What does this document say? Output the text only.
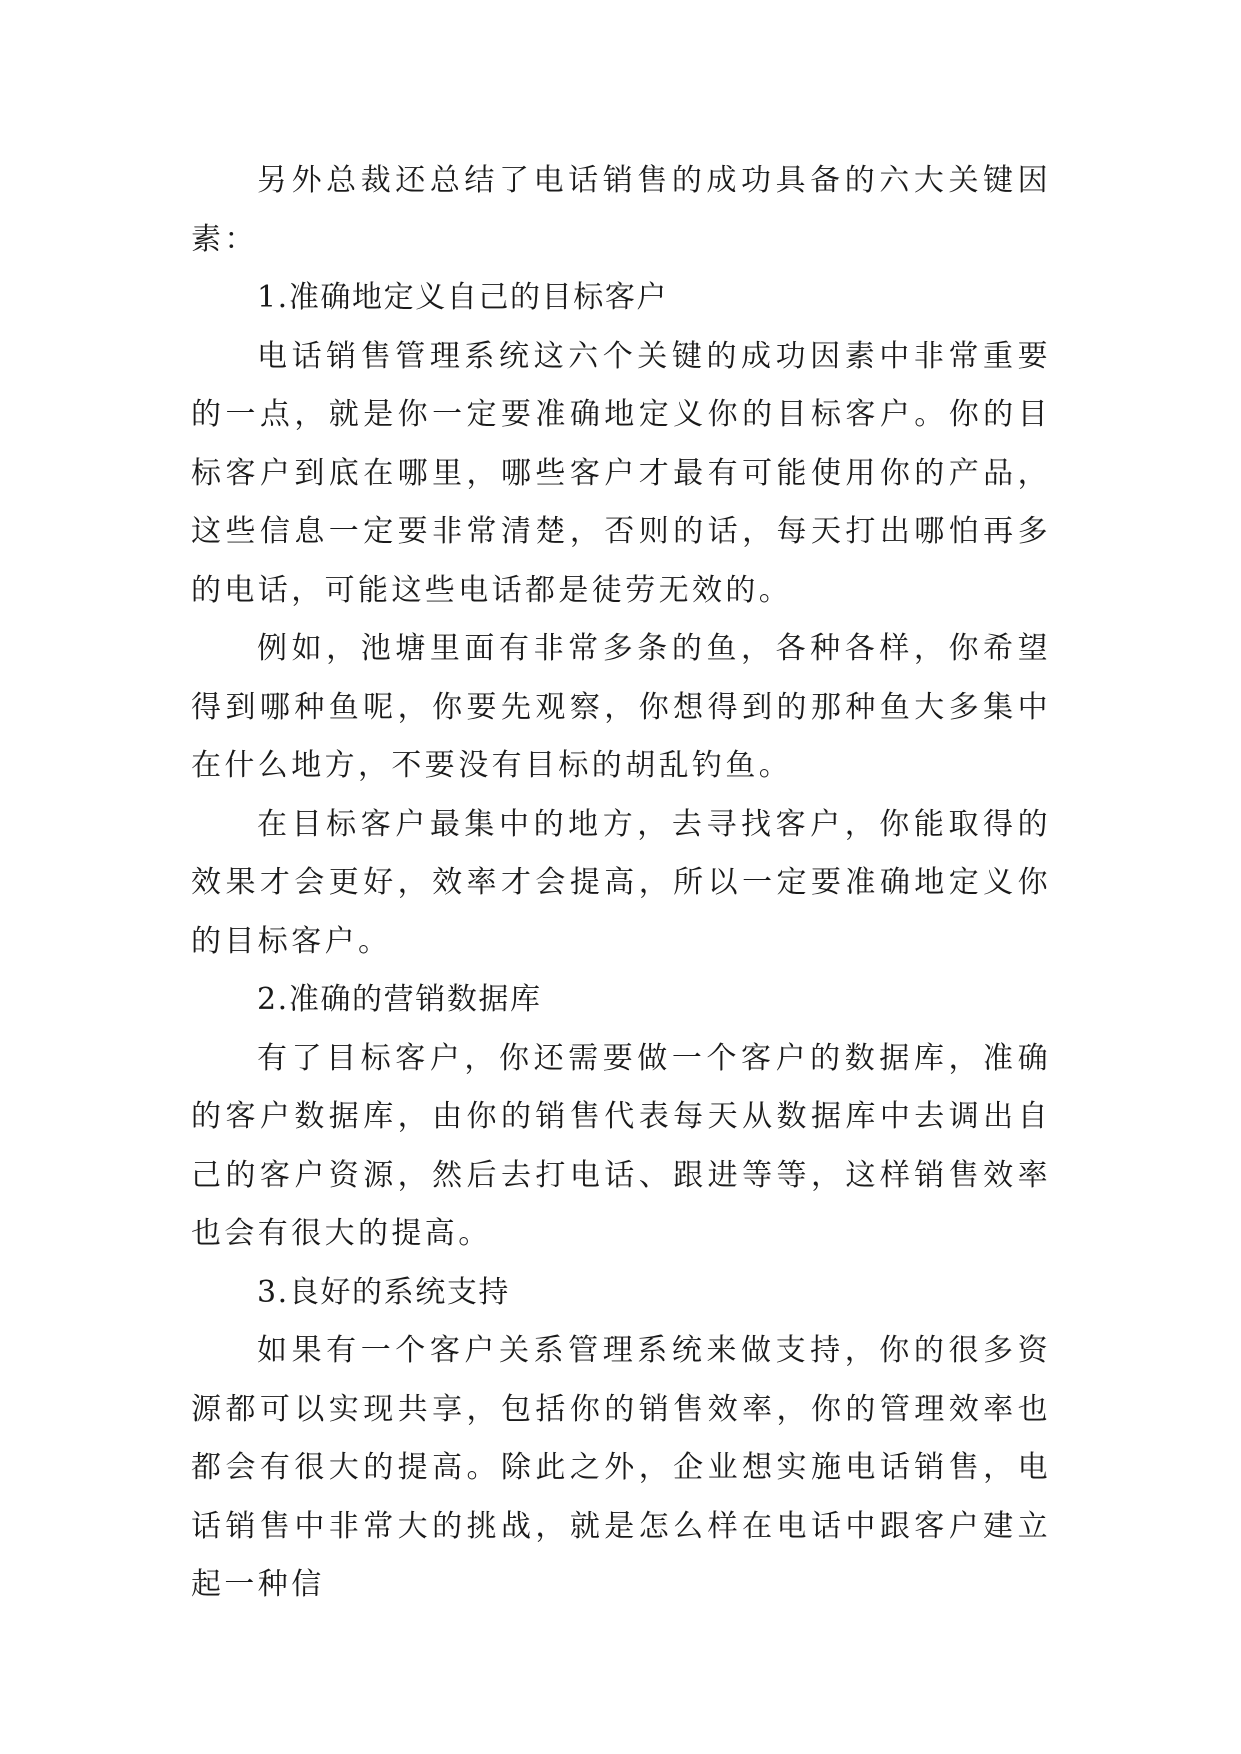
另外总裁还总结了电话销售的成功具备的六大关键因素：

1.准确地定义自己的目标客户

电话销售管理系统这六个关键的成功因素中非常重要的一点，就是你一定要准确地定义你的目标客户。你的目标客户到底在哪里，哪些客户才最有可能使用你的产品，这些信息一定要非常清楚，否则的话，每天打出哪怕再多的电话，可能这些电话都是徒劳无效的。

例如，池塘里面有非常多条的鱼，各种各样，你希望得到哪种鱼呢，你要先观察，你想得到的那种鱼大多集中在什么地方，不要没有目标的胡乱钓鱼。

在目标客户最集中的地方，去寻找客户，你能取得的效果才会更好，效率才会提高，所以一定要准确地定义你的目标客户。

2.准确的营销数据库

有了目标客户，你还需要做一个客户的数据库，准确的客户数据库，由你的销售代表每天从数据库中去调出自己的客户资源，然后去打电话、跟进等等，这样销售效率也会有很大的提高。

3.良好的系统支持

如果有一个客户关系管理系统来做支持，你的很多资源都可以实现共享，包括你的销售效率，你的管理效率也都会有很大的提高。除此之外，企业想实施电话销售，电话销售中非常大的挑战，就是怎么样在电话中跟客户建立起一种信
